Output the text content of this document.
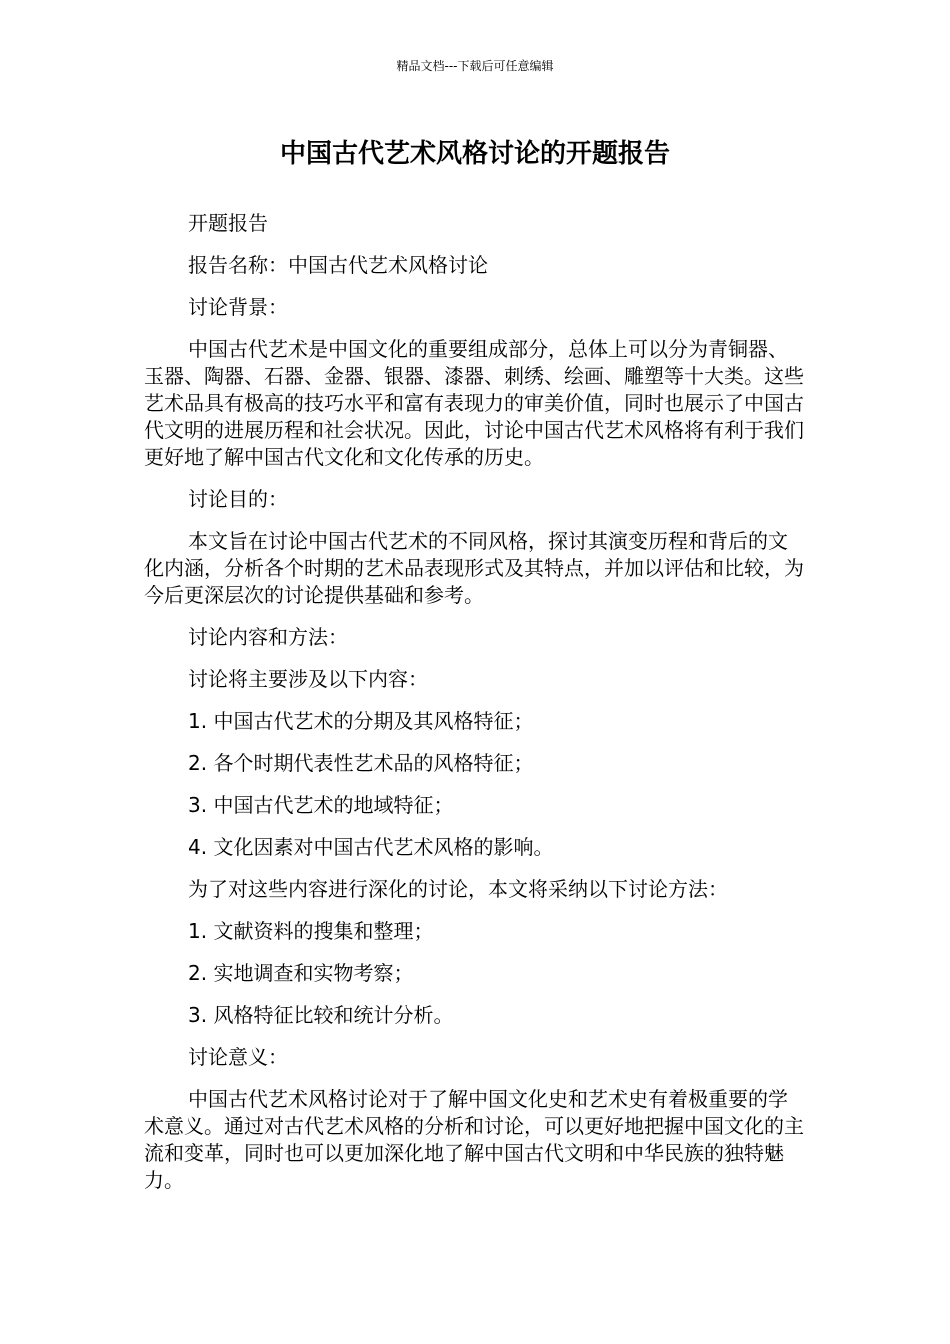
精品文档---下载后可任意编辑
中国古代艺术风格讨论的开题报告

开题报告

报告名称：中国古代艺术风格讨论

讨论背景：

中国古代艺术是中国文化的重要组成部分，总体上可以分为青铜器、玉器、陶器、石器、金器、银器、漆器、刺绣、绘画、雕塑等十大类。这些艺术品具有极高的技巧水平和富有表现力的审美价值，同时也展示了中国古代文明的进展历程和社会状况。因此，讨论中国古代艺术风格将有利于我们更好地了解中国古代文化和文化传承的历史。

讨论目的：

本文旨在讨论中国古代艺术的不同风格，探讨其演变历程和背后的文化内涵，分析各个时期的艺术品表现形式及其特点，并加以评估和比较，为今后更深层次的讨论提供基础和参考。

讨论内容和方法：

讨论将主要涉及以下内容：

1. 中国古代艺术的分期及其风格特征；

2. 各个时期代表性艺术品的风格特征；

3. 中国古代艺术的地域特征；

4. 文化因素对中国古代艺术风格的影响。

为了对这些内容进行深化的讨论，本文将采纳以下讨论方法：

1. 文献资料的搜集和整理；

2. 实地调查和实物考察；

3. 风格特征比较和统计分析。

讨论意义：

中国古代艺术风格讨论对于了解中国文化史和艺术史有着极重要的学术意义。通过对古代艺术风格的分析和讨论，可以更好地把握中国文化的主流和变革，同时也可以更加深化地了解中国古代文明和中华民族的独特魅力。
